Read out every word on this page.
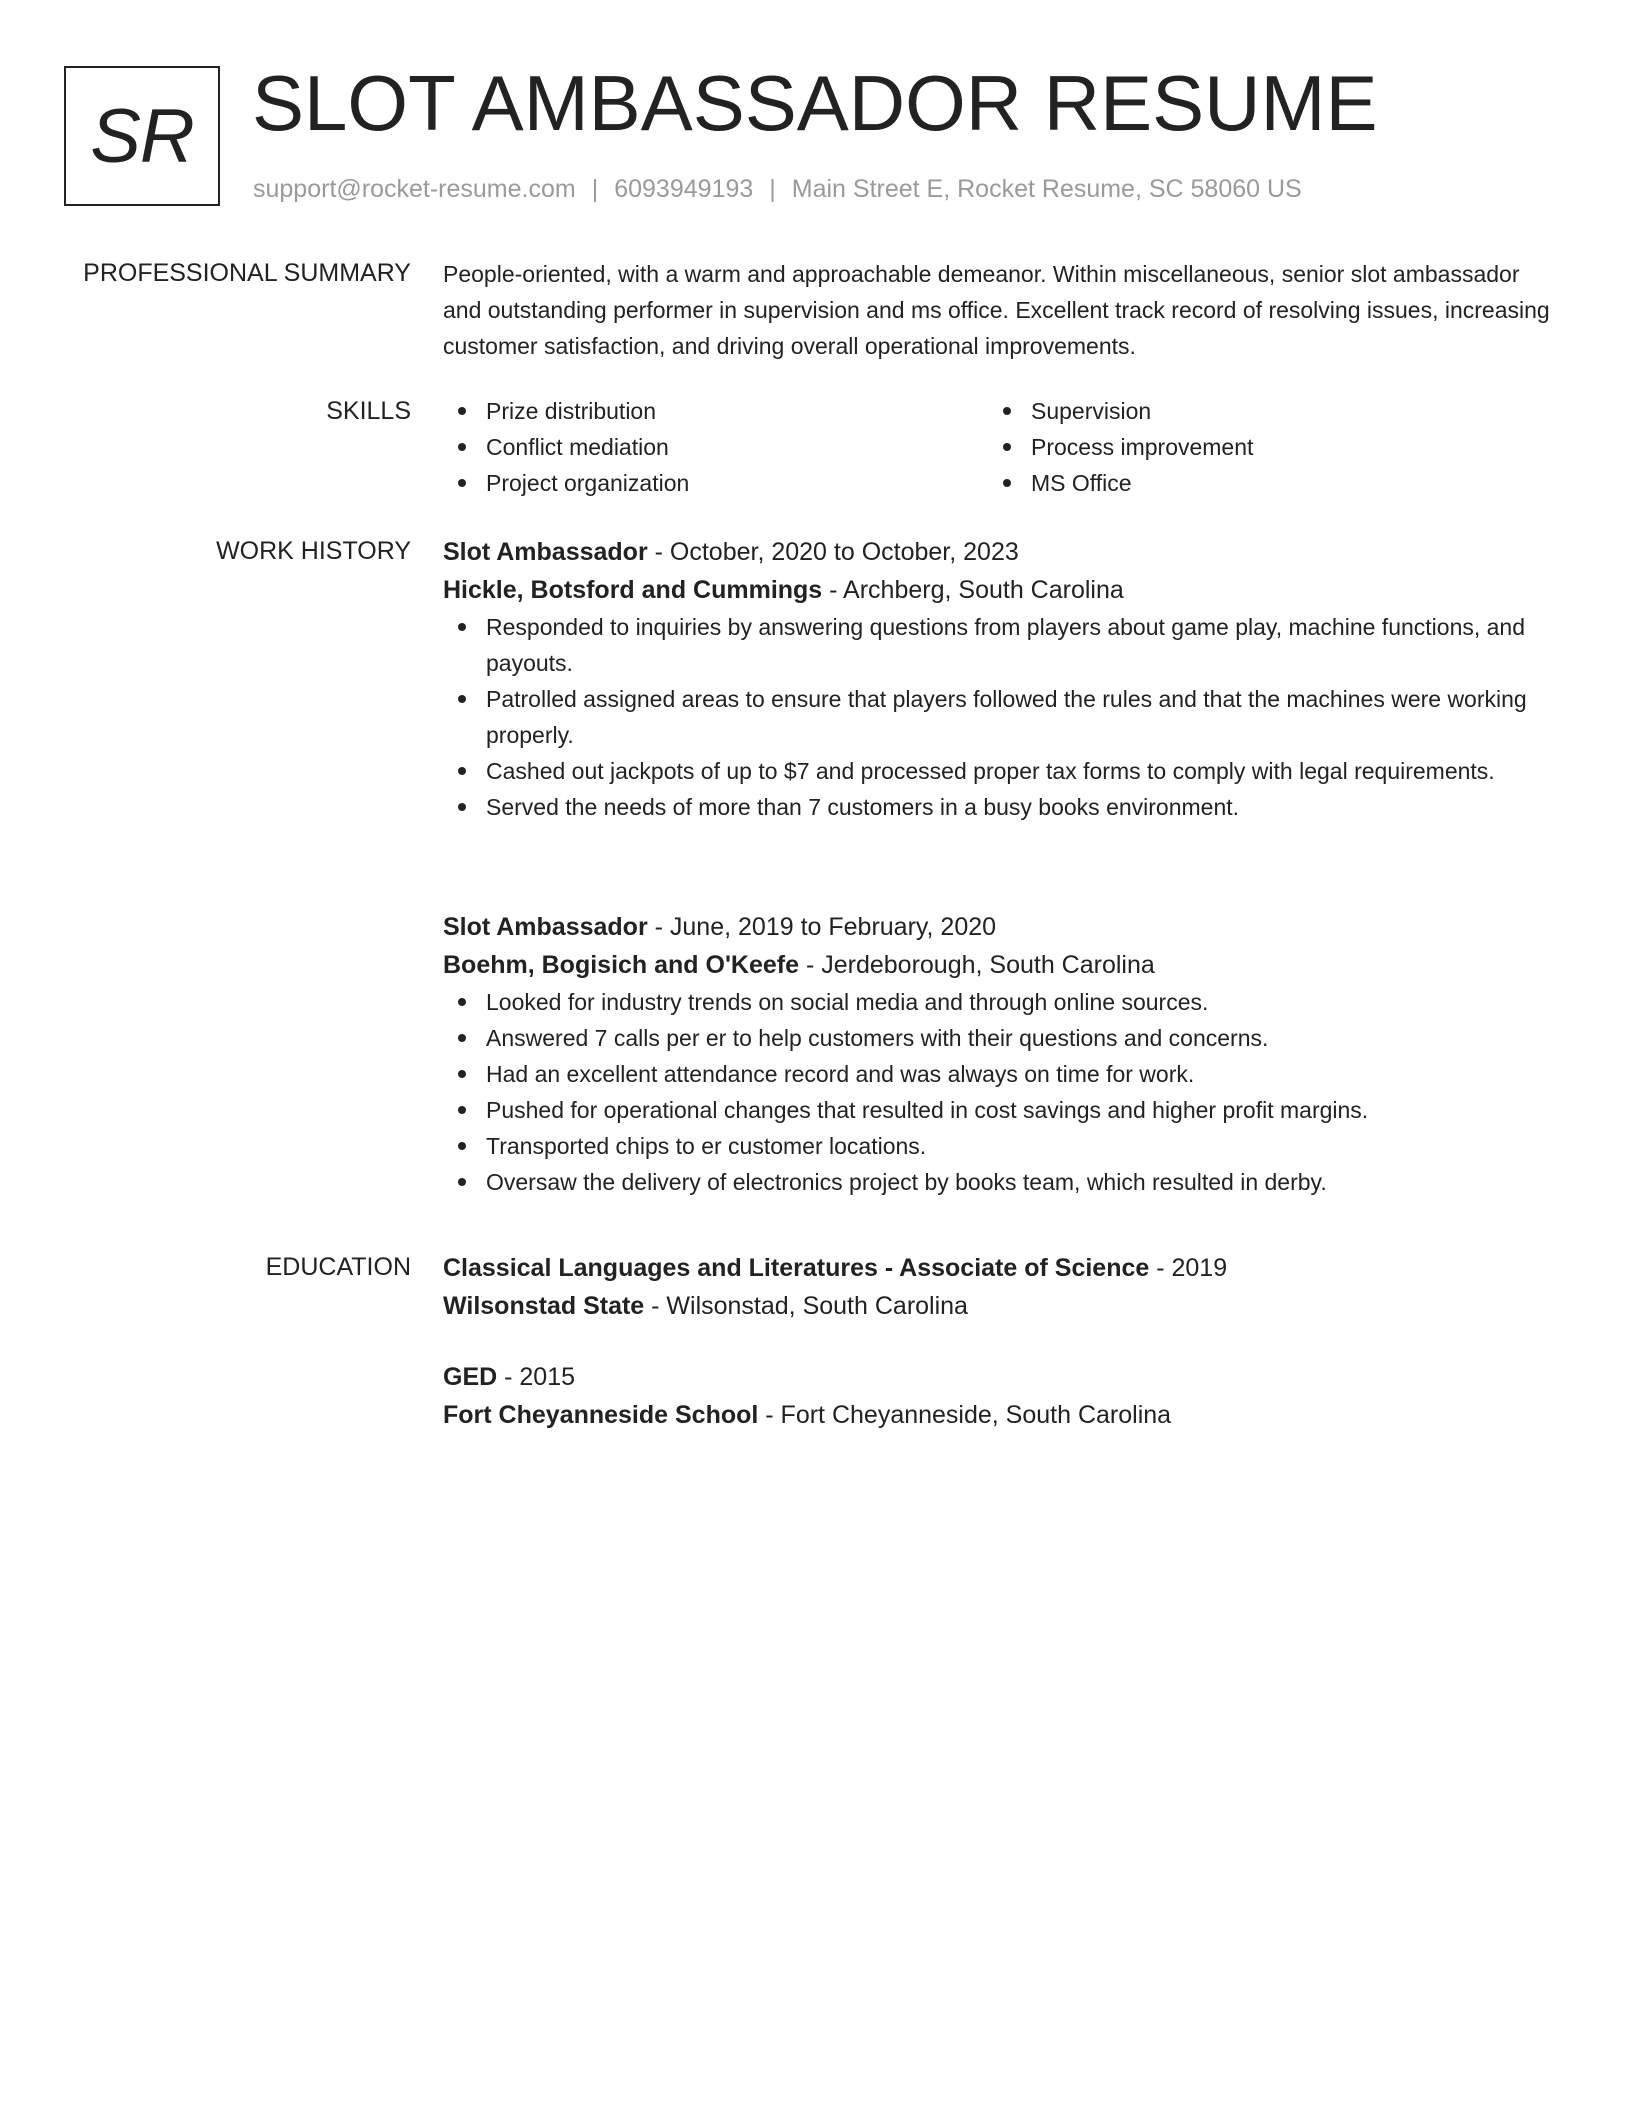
SR SLOT AMBASSADOR RESUME
support@rocket-resume.com | 6093949193 | Main Street E, Rocket Resume, SC 58060 US
PROFESSIONAL SUMMARY People-oriented, with a warm and approachable demeanor. Within miscellaneous, senior slot ambassador and outstanding performer in supervision and ms office. Excellent track record of resolving issues, increasing customer satisfaction, and driving overall operational improvements.
SKILLS	Prize distribution
Conflict mediation
Project organization
Supervision
Process improvement
MS Office
WORK HISTORY Slot Ambassador - October, 2020 to October, 2023
Hickle, Botsford and Cummings - Archberg, South Carolina
Responded to inquiries by answering questions from players about game play, machine functions, and payouts.
Patrolled assigned areas to ensure that players followed the rules and that the machines were working properly.
Cashed out jackpots of up to $7 and processed proper tax forms to comply with legal requirements.
Served the needs of more than 7 customers in a busy books environment.
Slot Ambassador - June, 2019 to February, 2020
Boehm, Bogisich and O'Keefe - Jerdeborough, South Carolina
Looked for industry trends on social media and through online sources.
Answered 7 calls per er to help customers with their questions and concerns.
Had an excellent attendance record and was always on time for work.
Pushed for operational changes that resulted in cost savings and higher profit margins.
Transported chips to er customer locations.
Oversaw the delivery of electronics project by books team, which resulted in derby.
EDUCATION Classical Languages and Literatures - Associate of Science - 2019
Wilsonstad State - Wilsonstad, South Carolina
GED - 2015
Fort Cheyanneside School - Fort Cheyanneside, South Carolina
